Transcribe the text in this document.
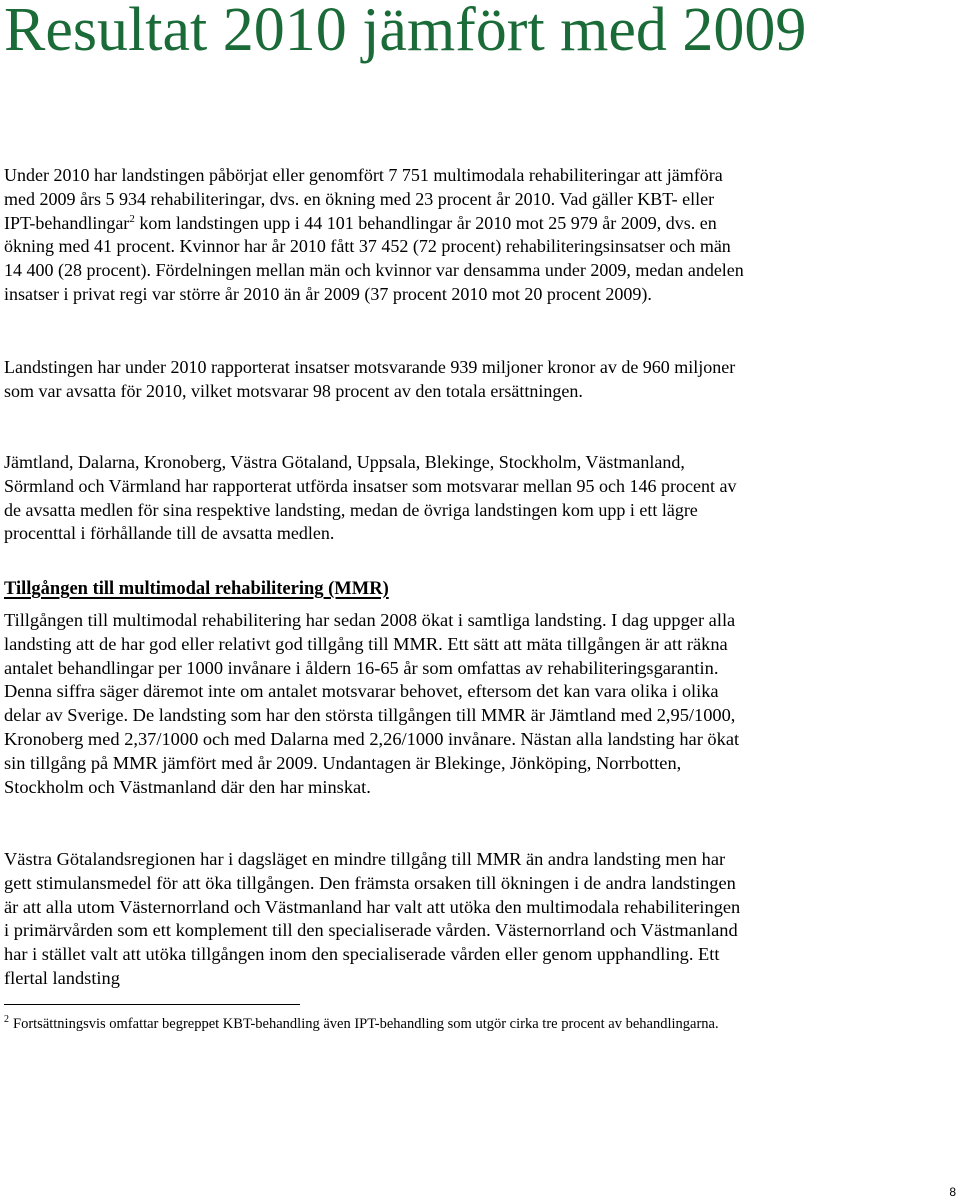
Resultat 2010 jämfört med 2009

Under 2010 har landstingen påbörjat eller genomfört 7 751 multimodala rehabiliteringar att jämföra med 2009 års 5 934 rehabiliteringar, dvs. en ökning med 23 procent år 2010. Vad gäller KBT- eller IPT-behandlingar$^2$ kom landstingen upp i 44 101 behandlingar år 2010 mot 25 979 år 2009, dvs. en ökning med 41 procent. Kvinnor har år 2010 fått 37 452 (72 procent) rehabiliteringsinsatser och män 14 400 (28 procent). Fördelningen mellan män och kvinnor var densamma under 2009, medan andelen insatser i privat regi var större år 2010 än år 2009 (37 procent 2010 mot 20 procent 2009).

Landstingen har under 2010 rapporterat insatser motsvarande 939 miljoner kronor av de 960 miljoner som var avsatta för 2010, vilket motsvarar 98 procent av den totala ersättningen.

Jämtland, Dalarna, Kronoberg, Västra Götaland, Uppsala, Blekinge, Stockholm, Västmanland, Sörmland och Värmland har rapporterat utförda insatser som motsvarar mellan 95 och 146 procent av de avsatta medlen för sina respektive landsting, medan de övriga landstingen kom upp i ett lägre procenttal i förhållande till de avsatta medlen.

Tillgången till multimodal rehabilitering (MMR)

Tillgången till multimodal rehabilitering har sedan 2008 ökat i samtliga landsting. I dag uppger alla landsting att de har god eller relativt god tillgång till MMR. Ett sätt att mäta tillgången är att räkna antalet behandlingar per 1000 invånare i åldern 16-65 år som omfattas av rehabiliteringsgarantin. Denna siffra säger däremot inte om antalet motsvarar behovet, eftersom det kan vara olika i olika delar av Sverige. De landsting som har den största tillgången till MMR är Jämtland med 2,95/1000, Kronoberg med 2,37/1000 och med Dalarna med 2,26/1000 invånare. Nästan alla landsting har ökat sin tillgång på MMR jämfört med år 2009. Undantagen är Blekinge, Jönköping, Norrbotten, Stockholm och Västmanland där den har minskat.

Västra Götalandsregionen har i dagsläget en mindre tillgång till MMR än andra landsting men har gett stimulansmedel för att öka tillgången. Den främsta orsaken till ökningen i de andra landstingen är att alla utom Västernorrland och Västmanland har valt att utöka den multimodala rehabiliteringen i primärvården som ett komplement till den specialiserade vården. Västernorrland och Västmanland har i stället valt att utöka tillgången inom den specialiserade vården eller genom upphandling. Ett flertal landsting

$^2$ Fortsättningsvis omfattar begreppet KBT-behandling även IPT-behandling som utgör cirka tre procent av behandlingarna.

8
